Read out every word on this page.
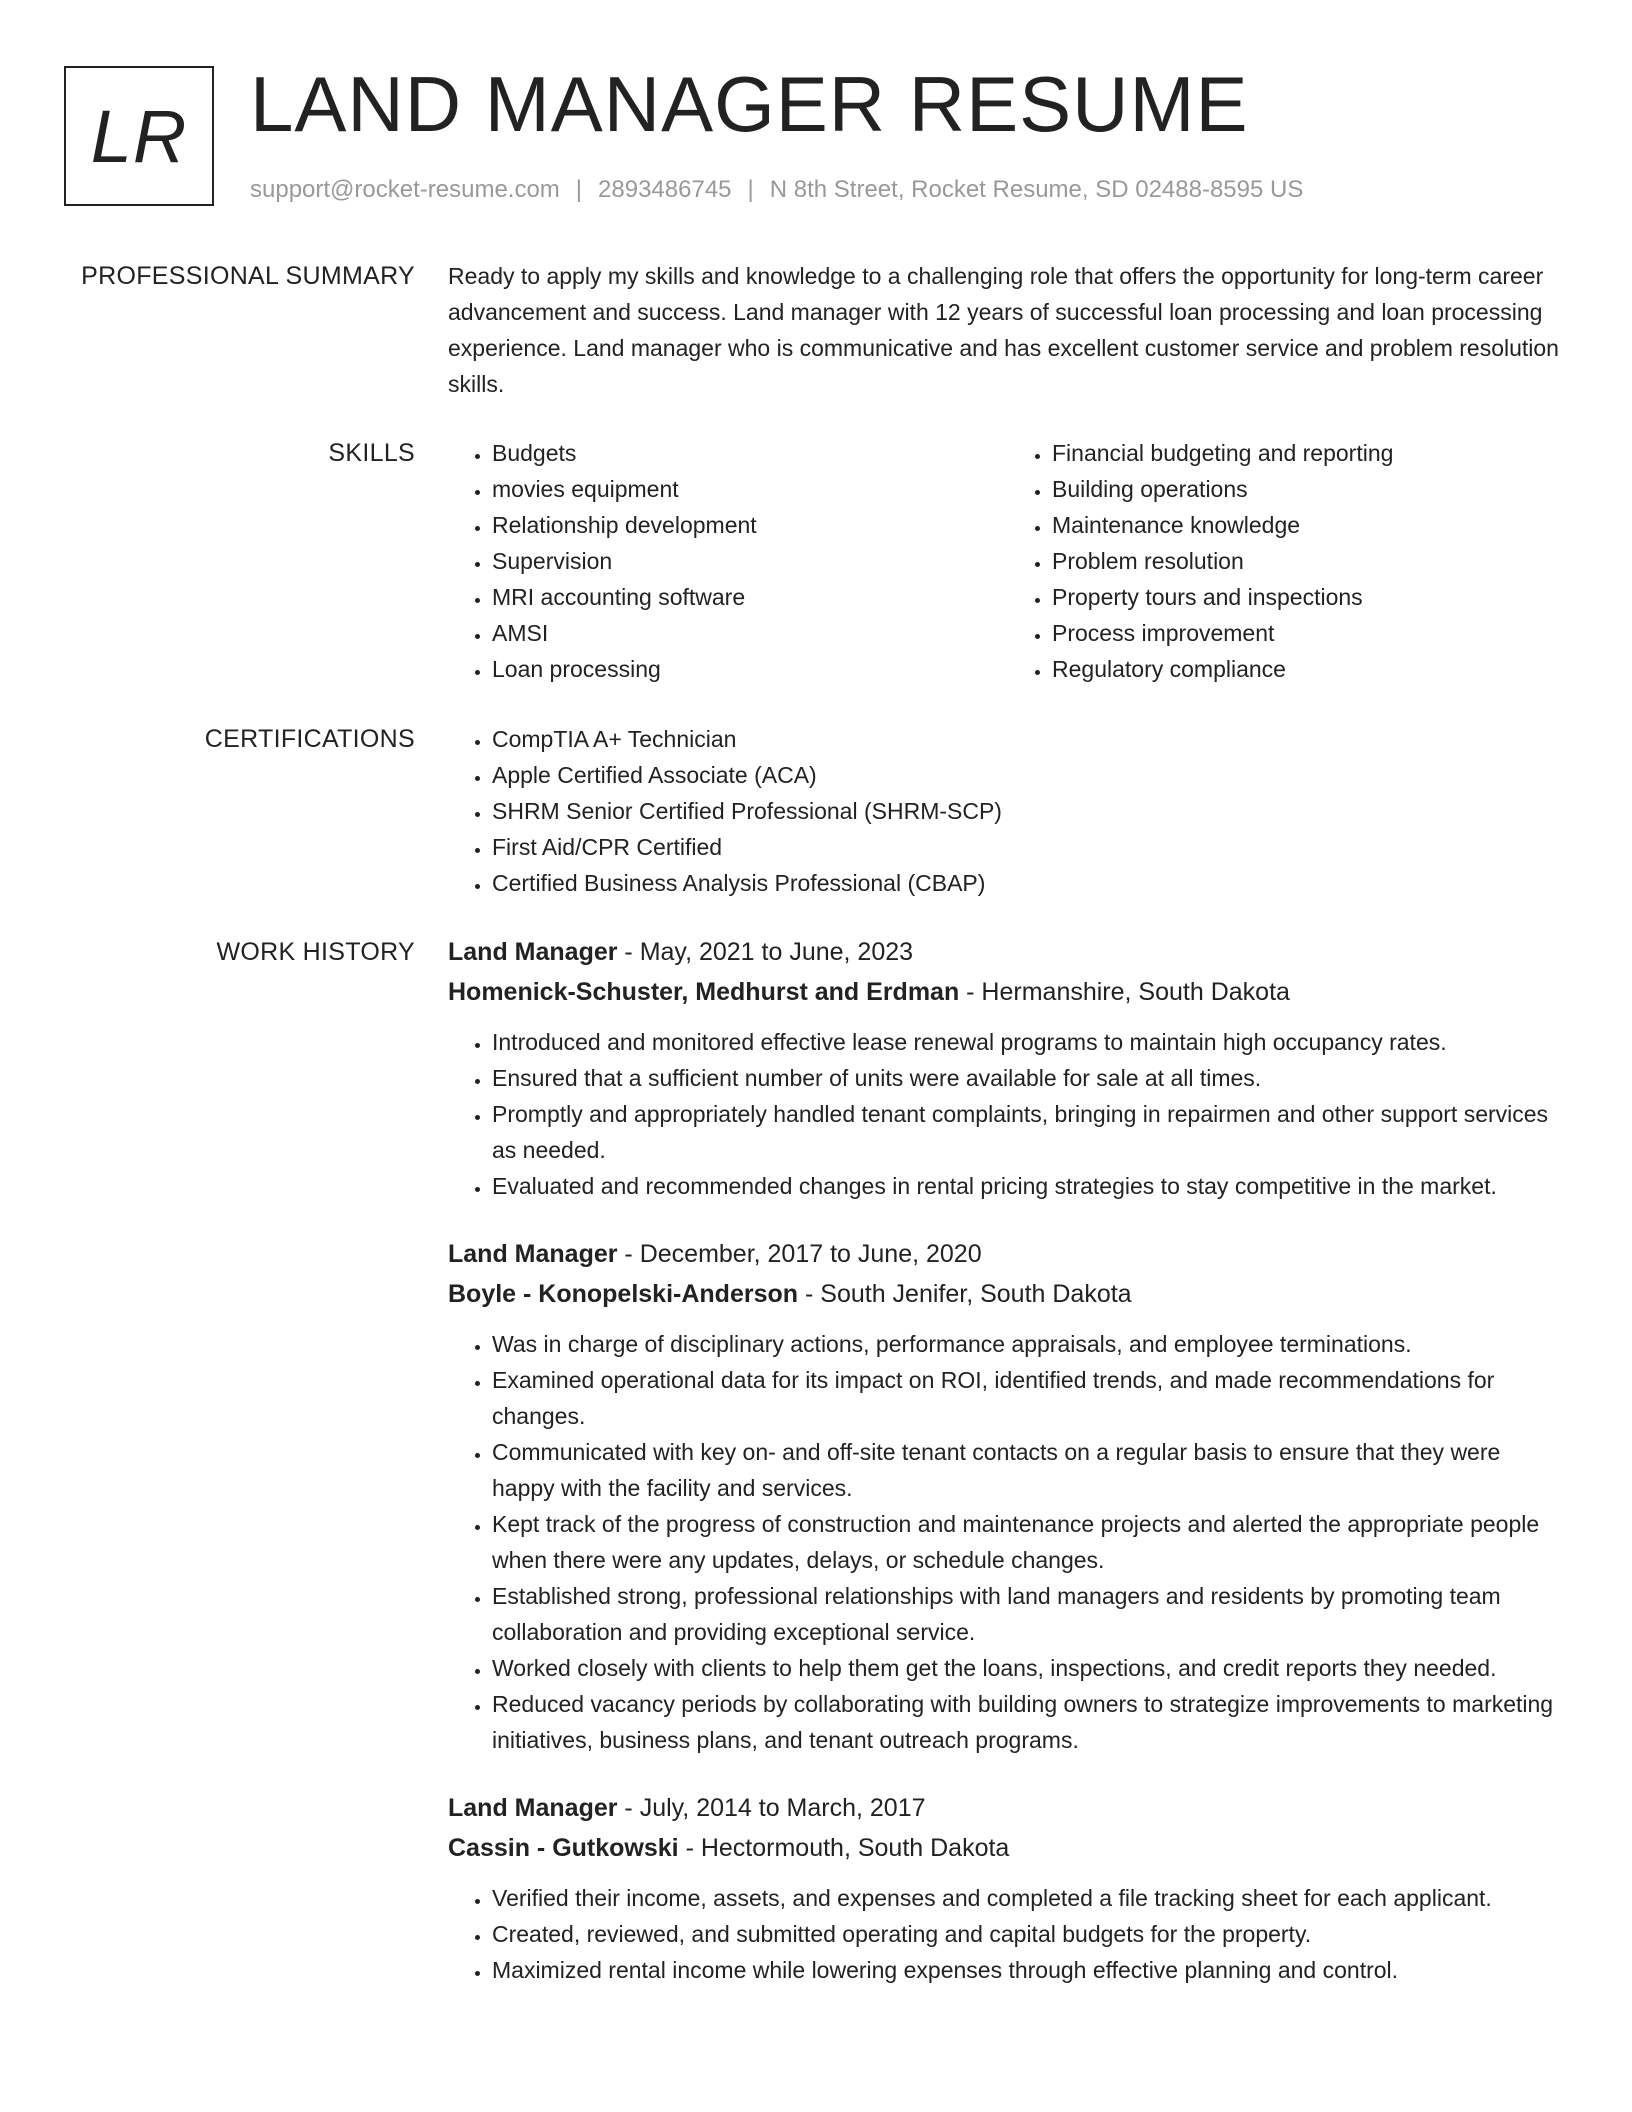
LR LAND MANAGER RESUME
support@rocket-resume.com | 2893486745 | N 8th Street, Rocket Resume, SD 02488-8595 US
PROFESSIONAL SUMMARY Ready to apply my skills and knowledge to a challenging role that offers the opportunity for long-term career advancement and success. Land manager with 12 years of successful loan processing and loan processing experience. Land manager who is communicative and has excellent customer service and problem resolution skills.

SKILLS	• Budgets
• movies equipment
• Relationship development
• Supervision
• MRI accounting software
• AMSI
• Loan processing
• Financial budgeting and reporting
• Building operations
• Maintenance knowledge
• Problem resolution
• Property tours and inspections
• Process improvement
• Regulatory compliance
CERTIFICATIONS	• CompTIA A+ Technician
• Apple Certified Associate (ACA)
• SHRM Senior Certified Professional (SHRM-SCP)
• First Aid/CPR Certified
• Certified Business Analysis Professional (CBAP)
WORK HISTORY Land Manager - May, 2021 to June, 2023
Homenick-Schuster, Medhurst and Erdman - Hermanshire, South Dakota
• Introduced and monitored effective lease renewal programs to maintain high occupancy rates.
• Ensured that a sufficient number of units were available for sale at all times.
• Promptly and appropriately handled tenant complaints, bringing in repairmen and other support services as needed.
• Evaluated and recommended changes in rental pricing strategies to stay competitive in the market.
Land Manager - December, 2017 to June, 2020
Boyle - Konopelski-Anderson - South Jenifer, South Dakota
• Was in charge of disciplinary actions, performance appraisals, and employee terminations.
• Examined operational data for its impact on ROI, identified trends, and made recommendations for changes.
• Communicated with key on- and off-site tenant contacts on a regular basis to ensure that they were happy with the facility and services.
• Kept track of the progress of construction and maintenance projects and alerted the appropriate people when there were any updates, delays, or schedule changes.
• Established strong, professional relationships with land managers and residents by promoting team collaboration and providing exceptional service.
• Worked closely with clients to help them get the loans, inspections, and credit reports they needed.
• Reduced vacancy periods by collaborating with building owners to strategize improvements to marketing initiatives, business plans, and tenant outreach programs.
Land Manager - July, 2014 to March, 2017
Cassin - Gutkowski - Hectormouth, South Dakota
• Verified their income, assets, and expenses and completed a file tracking sheet for each applicant.
• Created, reviewed, and submitted operating and capital budgets for the property.
• Maximized rental income while lowering expenses through effective planning and control.
